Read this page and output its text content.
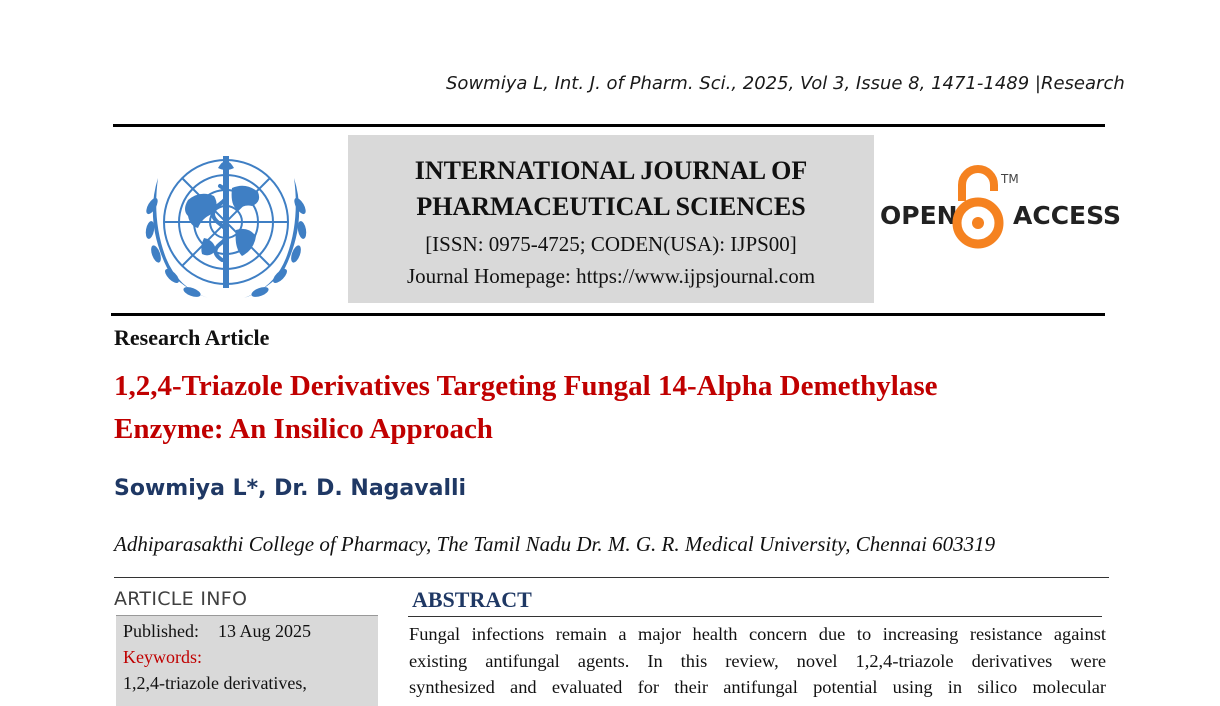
Sowmiya L, Int. J. of Pharm. Sci., 2025, Vol 3, Issue 8, 1471-1489 |Research
INTERNATIONAL JOURNAL OF
PHARMACEUTICAL SCIENCES
[ISSN: 0975-4725; CODEN(USA): IJPS00]
Journal Homepage: https://www.ijpsjournal.com
OPEN ACCESS
TM
Research Article
1,2,4-Triazole Derivatives Targeting Fungal 14-Alpha Demethylase
Enzyme: An Insilico Approach
Sowmiya L*, Dr. D. Nagavalli
Adhiparasakthi College of Pharmacy, The Tamil Nadu Dr. M. G. R. Medical University, Chennai 603319
ARTICLE INFO
Published: 13 Aug 2025
Keywords:
1,2,4-triazole derivatives,
ABSTRACT

Fungal infections remain a major health concern due to increasing resistance against

existing antifungal agents. In this review, novel 1,2,4-triazole derivatives were

synthesized and evaluated for their antifungal potential using in silico molecular
